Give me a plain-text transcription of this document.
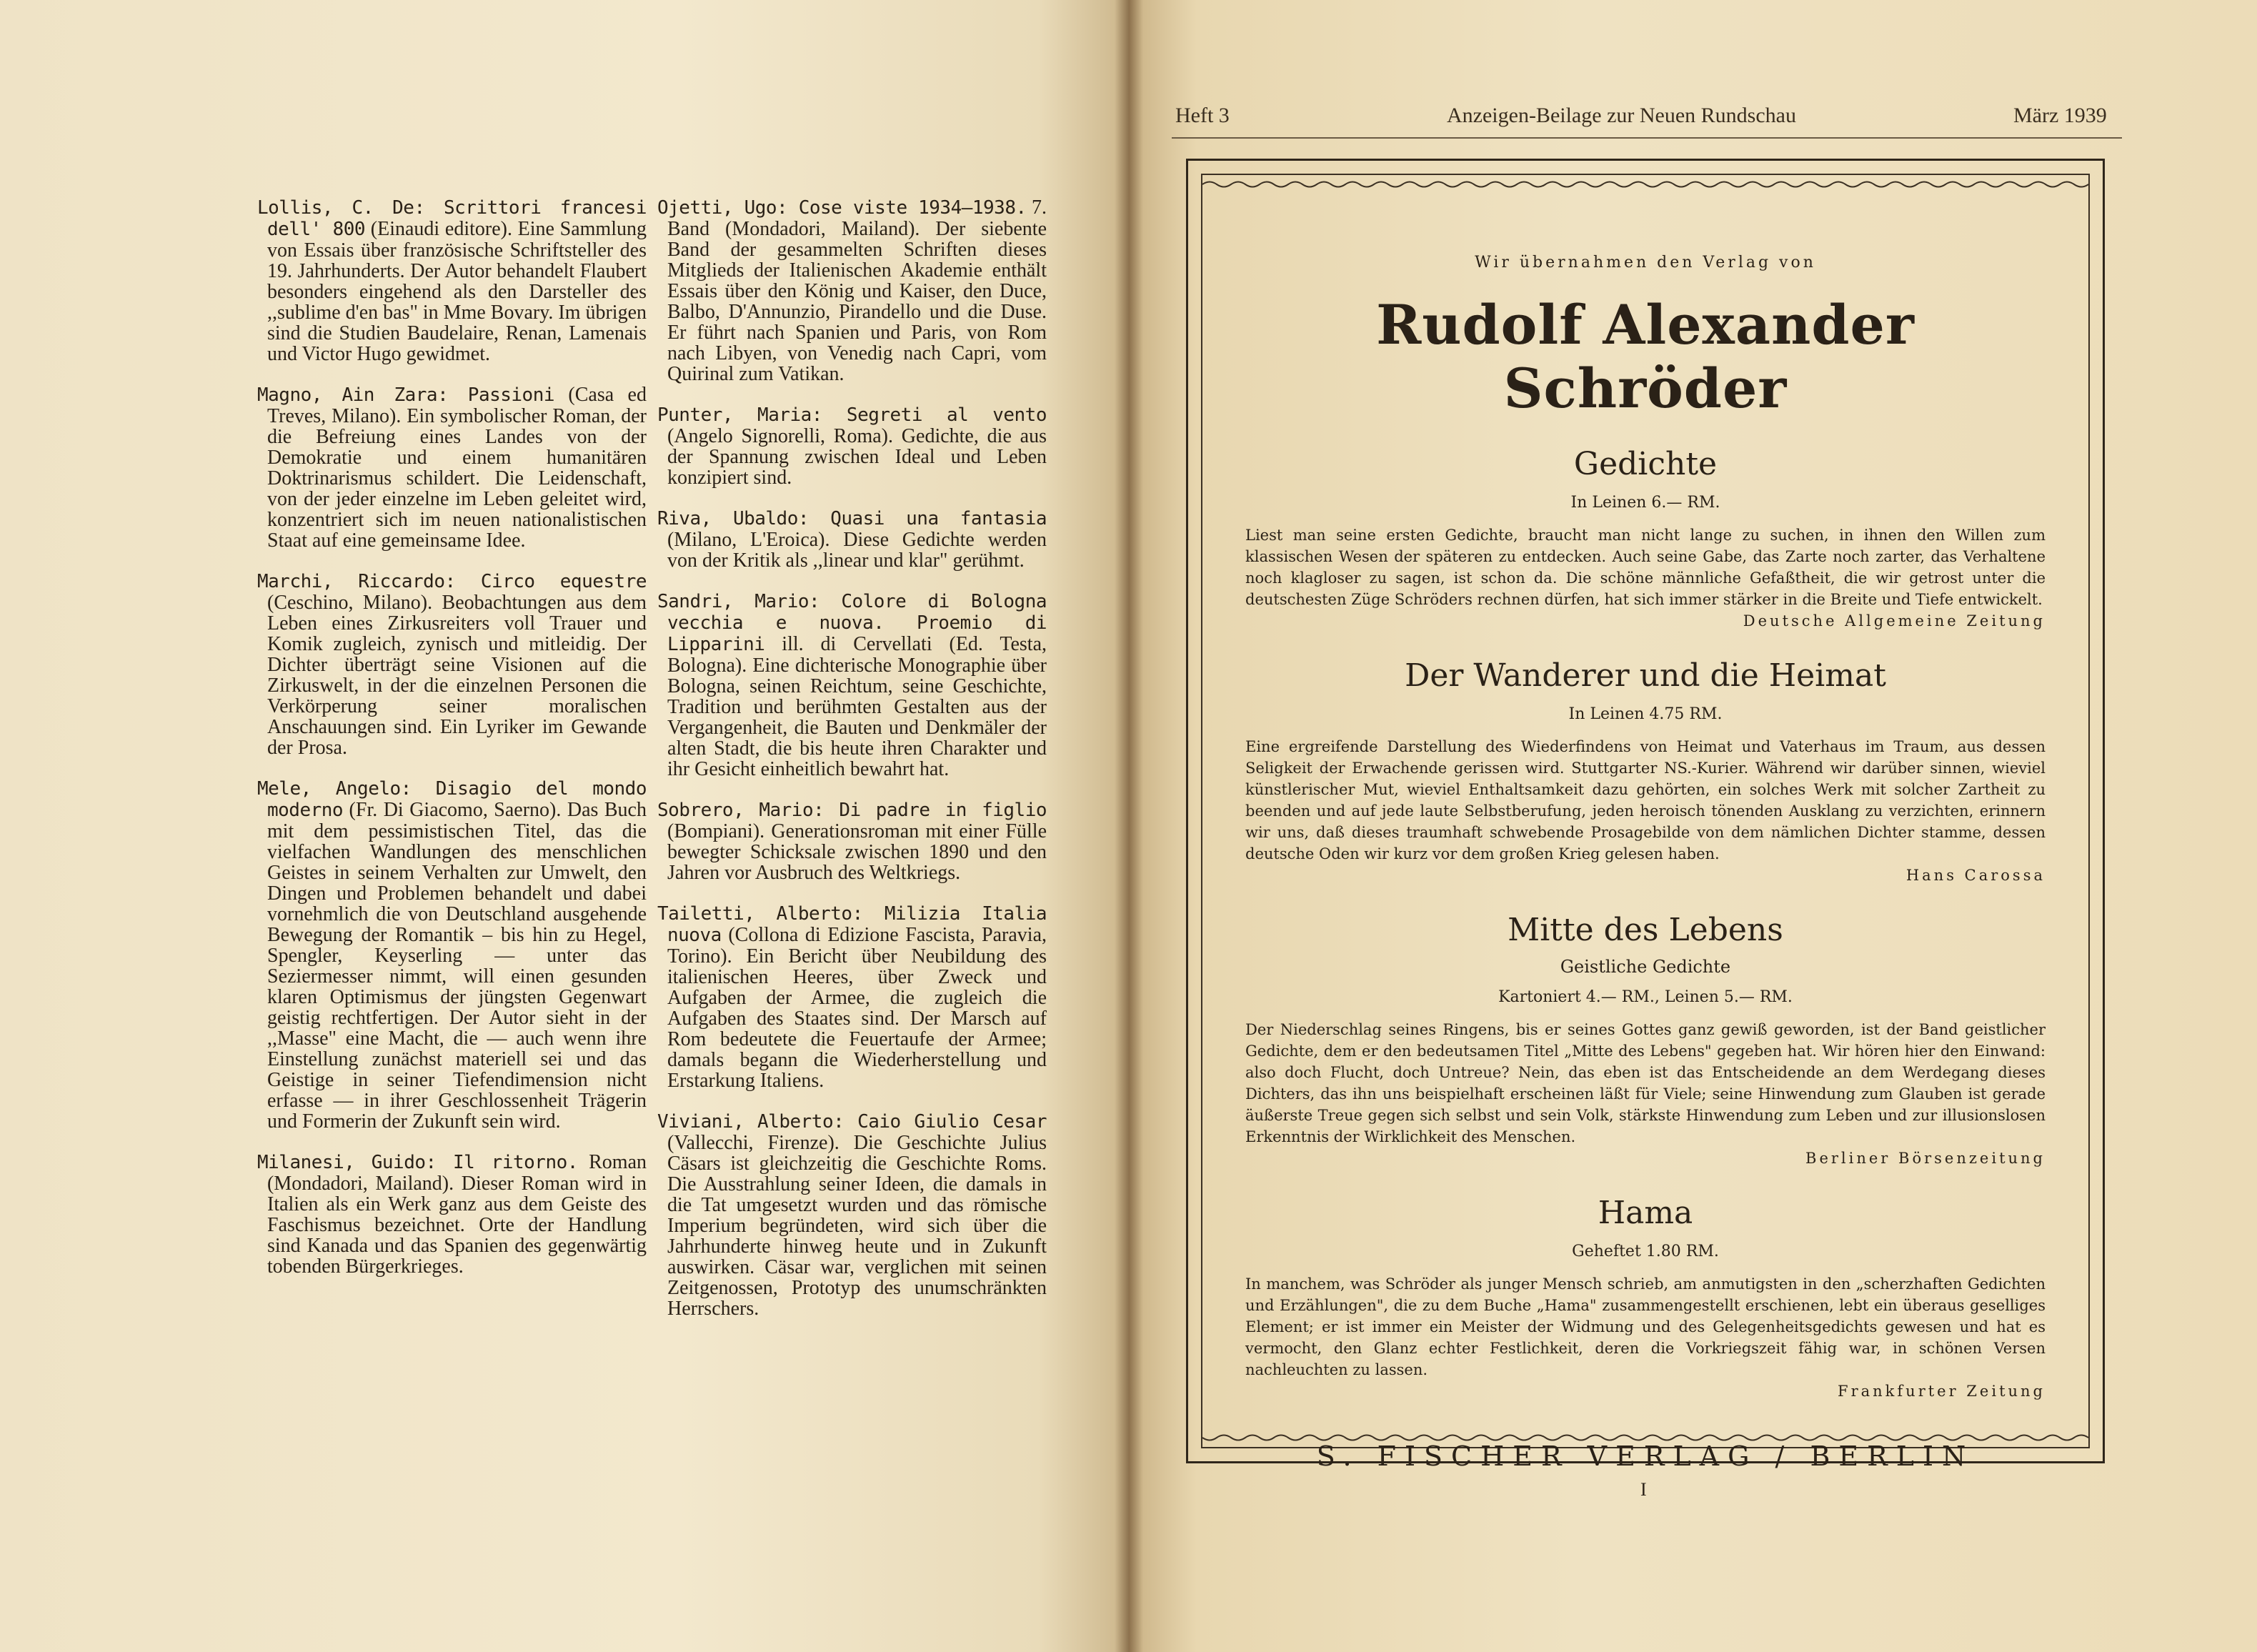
Lollis, C. De: Scrittori francesi dell' 800 (Einaudi editore). Eine Sammlung von Essais über französische Schriftsteller des 19. Jahrhunderts. Der Autor behandelt Flaubert besonders eingehend als den Darsteller des ,,sublime d'en bas" in Mme Bovary. Im übrigen sind die Studien Baudelaire, Renan, Lamenais und Victor Hugo gewidmet.

Magno, Ain Zara: Passioni (Casa ed Treves, Milano). Ein symbolischer Roman, der die Befreiung eines Landes von der Demokratie und einem humanitären Doktrinarismus schildert. Die Leidenschaft, von der jeder einzelne im Leben geleitet wird, konzentriert sich im neuen nationalistischen Staat auf eine gemeinsame Idee.

Marchi, Riccardo: Circo equestre (Ceschino, Milano). Beobachtungen aus dem Leben eines Zirkusreiters voll Trauer und Komik zugleich, zynisch und mitleidig. Der Dichter überträgt seine Visionen auf die Zirkuswelt, in der die einzelnen Personen die Verkörperung seiner moralischen Anschauungen sind. Ein Lyriker im Gewande der Prosa.

Mele, Angelo: Disagio del mondo moderno (Fr. Di Giacomo, Saerno). Das Buch mit dem pessimistischen Titel, das die vielfachen Wandlungen des menschlichen Geistes in seinem Verhalten zur Umwelt, den Dingen und Problemen behandelt und dabei vornehmlich die von Deutschland ausgehende Bewegung der Romantik – bis hin zu Hegel, Spengler, Keyserling — unter das Seziermesser nimmt, will einen gesunden klaren Optimismus der jüngsten Gegenwart geistig rechtfertigen. Der Autor sieht in der ,,Masse" eine Macht, die — auch wenn ihre Einstellung zunächst materiell sei und das Geistige in seiner Tiefendimension nicht erfasse — in ihrer Geschlossenheit Trägerin und Formerin der Zukunft sein wird.

Milanesi, Guido: Il ritorno. Roman (Mondadori, Mailand). Dieser Roman wird in Italien als ein Werk ganz aus dem Geiste des Faschismus bezeichnet. Orte der Handlung sind Kanada und das Spanien des gegenwärtig tobenden Bürgerkrieges.

Ojetti, Ugo: Cose viste 1934—1938. 7. Band (Mondadori, Mailand). Der siebente Band der gesammelten Schriften dieses Mitglieds der Italienischen Akademie enthält Essais über den König und Kaiser, den Duce, Balbo, D'Annunzio, Pirandello und die Duse. Er führt nach Spanien und Paris, von Rom nach Libyen, von Venedig nach Capri, vom Quirinal zum Vatikan.

Punter, Maria: Segreti al vento (Angelo Signorelli, Roma). Gedichte, die aus der Spannung zwischen Ideal und Leben konzipiert sind.

Riva, Ubaldo: Quasi una fantasia (Milano, L'Eroica). Diese Gedichte werden von der Kritik als ,,linear und klar" gerühmt.

Sandri, Mario: Colore di Bologna vecchia e nuova. Proemio di Lipparini ill. di Cervellati (Ed. Testa, Bologna). Eine dichterische Monographie über Bologna, seinen Reichtum, seine Geschichte, Tradition und berühmten Gestalten aus der Vergangenheit, die Bauten und Denkmäler der alten Stadt, die bis heute ihren Charakter und ihr Gesicht einheitlich bewahrt hat.

Sobrero, Mario: Di padre in figlio (Bompiani). Generationsroman mit einer Fülle bewegter Schicksale zwischen 1890 und den Jahren vor Ausbruch des Weltkriegs.

Tailetti, Alberto: Milizia Italia nuova (Collona di Edizione Fascista, Paravia, Torino). Ein Bericht über Neubildung des italienischen Heeres, über Zweck und Aufgaben der Armee, die zugleich die Aufgaben des Staates sind. Der Marsch auf Rom bedeutete die Feuertaufe der Armee; damals begann die Wiederherstellung und Erstarkung Italiens.

Viviani, Alberto: Caio Giulio Cesar (Vallecchi, Firenze). Die Geschichte Julius Cäsars ist gleichzeitig die Geschichte Roms. Die Ausstrahlung seiner Ideen, die damals in die Tat umgesetzt wurden und das römische Imperium begründeten, wird sich über die Jahrhunderte hinweg heute und in Zukunft auswirken. Cäsar war, verglichen mit seinen Zeitgenossen, Prototyp des unumschränkten Herrschers.

Heft 3	Anzeigen-Beilage zur Neuen Rundschau	März 1939
Wir übernahmen den Verlag von
Rudolf Alexander Schröder
Gedichte
In Leinen 6.— RM.

Liest man seine ersten Gedichte, braucht man nicht lange zu suchen, in ihnen den Willen zum klassischen Wesen der späteren zu entdecken. Auch seine Gabe, das Zarte noch zarter, das Verhaltene noch klagloser zu sagen, ist schon da. Die schöne männliche Gefaßtheit, die wir getrost unter die deutschesten Züge Schröders rechnen dürfen, hat sich immer stärker in die Breite und Tiefe entwickelt.
Deutsche Allgemeine Zeitung

Der Wanderer und die Heimat
In Leinen 4.75 RM.

Eine ergreifende Darstellung des Wiederfindens von Heimat und Vaterhaus im Traum, aus dessen Seligkeit der Erwachende gerissen wird. Stuttgarter NS.-Kurier. Während wir darüber sinnen, wieviel künstlerischer Mut, wieviel Enthaltsamkeit dazu gehörten, ein solches Werk mit solcher Zartheit zu beenden und auf jede laute Selbstberufung, jeden heroisch tönenden Ausklang zu verzichten, erinnern wir uns, daß dieses traumhaft schwebende Prosagebilde von dem nämlichen Dichter stamme, dessen deutsche Oden wir kurz vor dem großen Krieg gelesen haben.
Hans Carossa

Mitte des Lebens
Geistliche Gedichte
Kartoniert 4.— RM., Leinen 5.— RM.

Der Niederschlag seines Ringens, bis er seines Gottes ganz gewiß geworden, ist der Band geistlicher Gedichte, dem er den bedeutsamen Titel „Mitte des Lebens" gegeben hat. Wir hören hier den Einwand: also doch Flucht, doch Untreue? Nein, das eben ist das Entscheidende an dem Werdegang dieses Dichters, das ihn uns beispielhaft erscheinen läßt für Viele; seine Hinwendung zum Glauben ist gerade äußerste Treue gegen sich selbst und sein Volk, stärkste Hinwendung zum Leben und zur illusionslosen Erkenntnis der Wirklichkeit des Menschen.
Berliner Börsenzeitung

Hama
Geheftet 1.80 RM.

In manchem, was Schröder als junger Mensch schrieb, am anmutigsten in den „scherzhaften Gedichten und Erzählungen", die zu dem Buche „Hama" zusammengestellt erschienen, lebt ein überaus geselliges Element; er ist immer ein Meister der Widmung und des Gelegenheitsgedichts gewesen und hat es vermocht, den Glanz echter Festlichkeit, deren die Vorkriegszeit fähig war, in schönen Versen nachleuchten zu lassen.
Frankfurter Zeitung

S. FISCHER VERLAG / BERLIN
I
